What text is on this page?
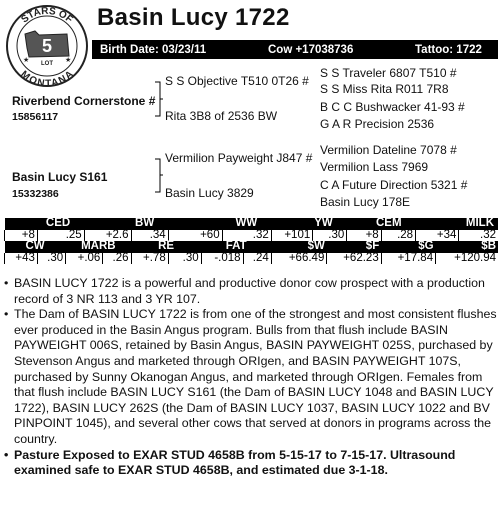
STARS OF
MONTANA
5
LOT
★	★
Basin Lucy 1722
Birth Date: 03/23/11	Cow +17038736	Tattoo: 1722
Riverbend Cornerstone #
15856117
Basin Lucy S161
15332386
S S Objective T510 0T26 #
Rita 3B8 of 2536 BW
Vermilion Payweight J847 #
Basin Lucy 3829
S S Traveler 6807 T510 #
S S Miss Rita R011 7R8
B C C Bushwacker 41-93 #
G A R Precision 2536
Vermilion Dateline 7078 #
Vermilion Lass 7969
C A Future Direction 5321 #
Basin Lucy 178E
CED			BW			WW				YW			CEM		MILK		
+8	.25		+2.6		.34	+60		.32		+101	.30		+8	.28	+34		.32
CW		MARB			RE		FAT			$W		$F		$G		$B	
+43	.30	+.06		.26	+.78	.30	-.018		.24	+66.49		+62.23		+17.84		+120.94	
• BASIN LUCY 1722 is a powerful and productive donor cow prospect with a production record of 3 NR 113 and 3 YR 107.
• The Dam of BASIN LUCY 1722 is from one of the strongest and most consistent flushes ever produced in the Basin Angus program. Bulls from that flush include BASIN PAYWEIGHT 006S, retained by Basin Angus, BASIN PAYWEIGHT 025S, purchased by Stevenson Angus and marketed through ORIgen, and BASIN PAYWEIGHT 107S, purchased by Sunny Okanogan Angus, and marketed through ORIgen. Females from that flush include BASIN LUCY S161 (the Dam of BASIN LUCY 1048 and BASIN LUCY 1722), BASIN LUCY 262S (the Dam of BASIN LUCY 1037, BASIN LUCY 1022 and BV PINPOINT 1045), and several other cows that served at donors in programs across the country.
• Pasture Exposed to EXAR STUD 4658B from 5-15-17 to 7-15-17. Ultrasound examined safe to EXAR STUD 4658B, and estimated due 3-1-18.
